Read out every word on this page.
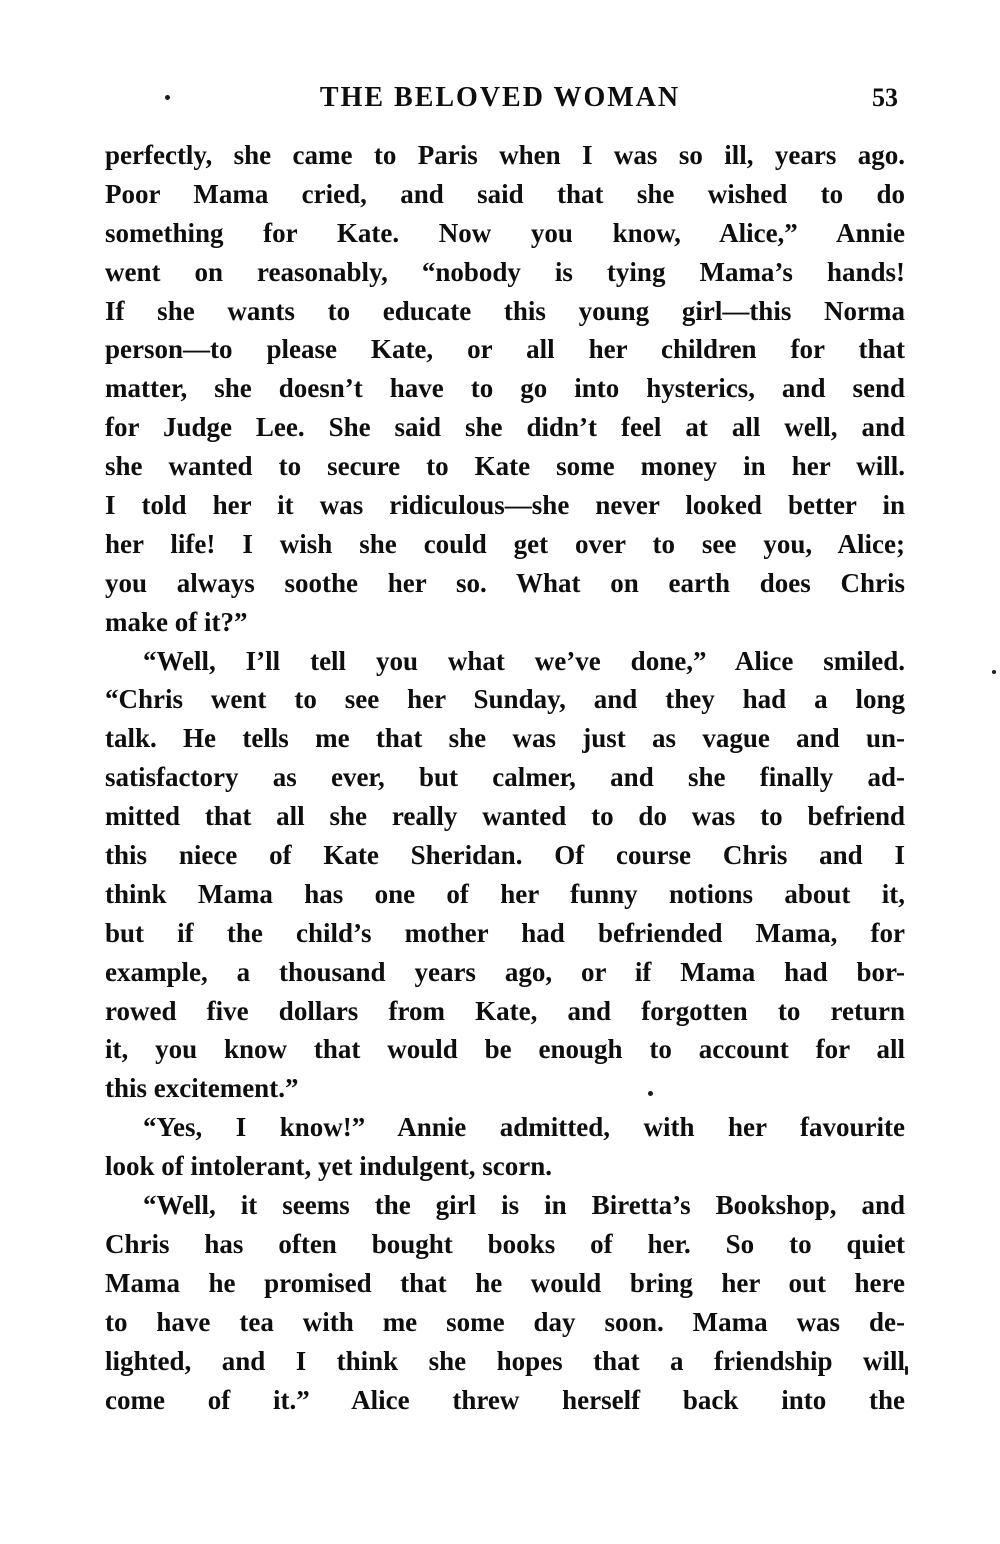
THE BELOVED WOMAN	53
perfectly, she came to Paris when I was so ill, years ago.
Poor Mama cried, and said that she wished to do
something for Kate. Now you know, Alice,” Annie
went on reasonably, “nobody is tying Mama’s hands!
If she wants to educate this young girl—this Norma
person—to please Kate, or all her children for that
matter, she doesn’t have to go into hysterics, and send
for Judge Lee. She said she didn’t feel at all well, and
she wanted to secure to Kate some money in her will.
I told her it was ridiculous—she never looked better in
her life! I wish she could get over to see you, Alice;
you always soothe her so. What on earth does Chris
make of it?”
“Well, I’ll tell you what we’ve done,” Alice smiled.
“Chris went to see her Sunday, and they had a long
talk. He tells me that she was just as vague and un-
satisfactory as ever, but calmer, and she finally ad-
mitted that all she really wanted to do was to befriend
this niece of Kate Sheridan. Of course Chris and I
think Mama has one of her funny notions about it,
but if the child’s mother had befriended Mama, for
example, a thousand years ago, or if Mama had bor-
rowed five dollars from Kate, and forgotten to return
it, you know that would be enough to account for all
this excitement.”
“Yes, I know!” Annie admitted, with her favourite
look of intolerant, yet indulgent, scorn.
“Well, it seems the girl is in Biretta’s Bookshop, and
Chris has often bought books of her. So to quiet
Mama he promised that he would bring her out here
to have tea with me some day soon. Mama was de-
lighted, and I think she hopes that a friendship will
come of it.” Alice threw herself back into the
